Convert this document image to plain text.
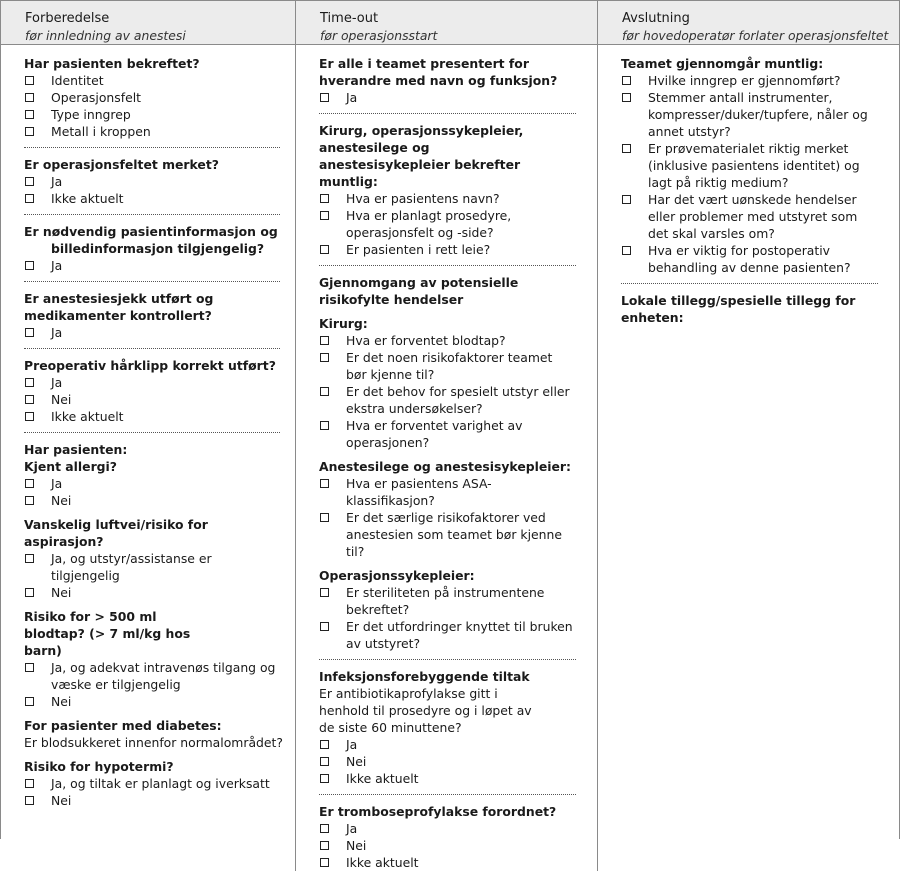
Forberedelse
før innledning av anestesi
Time-out
før operasjonsstart
Avslutning
før hovedoperatør forlater operasjonsfeltet
Har pasienten bekreftet?
Identitet
Operasjonsfelt
Type inngrep
Metall i kroppen
Er operasjonsfeltet merket?
Ja
Ikke aktuelt
Er nødvendig pasientinformasjon og billedinformasjon tilgjengelig?
Ja
Er anestesiesjekk utført og medikamenter kontrollert?
Ja
Preoperativ hårklipp korrekt utført?
Ja
Nei
Ikke aktuelt
Har pasienten:
Kjent allergi?
Ja
Nei
Vanskelig luftvei/risiko for aspirasjon?
Ja, og utstyr/assistanse er tilgjengelig
Nei
Risiko for > 500 ml blodtap? (> 7 ml/kg hos barn)
Ja, og adekvat intravenøs tilgang og væske er tilgjengelig
Nei
For pasienter med diabetes:
Er blodsukkeret innenfor normalområdet?
Risiko for hypotermi?
Ja, og tiltak er planlagt og iverksatt
Nei
Er alle i teamet presentert for hverandre med navn og funksjon?
Ja
Kirurg, operasjonssykepleier, anestesilege og anestesisykepleier bekrefter muntlig:
Hva er pasientens navn?
Hva er planlagt prosedyre, operasjonsfelt og -side?
Er pasienten i rett leie?
Gjennomgang av potensielle risikofylte hendelser
Kirurg:
Hva er forventet blodtap?
Er det noen risikofaktorer teamet bør kjenne til?
Er det behov for spesielt utstyr eller ekstra undersøkelser?
Hva er forventet varighet av operasjonen?
Anestesilege og anestesisykepleier:
Hva er pasientens ASA-klassifikasjon?
Er det særlige risikofaktorer ved anestesien som teamet bør kjenne til?
Operasjonssykepleier:
Er steriliteten på instrumentene bekreftet?
Er det utfordringer knyttet til bruken av utstyret?
Infeksjonsforebyggende tiltak
Er antibiotikaprofylakse gitt i henhold til prosedyre og i løpet av de siste 60 minuttene?
Ja
Nei
Ikke aktuelt
Er tromboseprofylakse forordnet?
Ja
Nei
Ikke aktuelt
Teamet gjennomgår muntlig:
Hvilke inngrep er gjennomført?
Stemmer antall instrumenter, kompresser/duker/tupfere, nåler og annet utstyr?
Er prøvematerialet riktig merket (inklusive pasientens identitet) og lagt på riktig medium?
Har det vært uønskede hendelser eller problemer med utstyret som det skal varsles om?
Hva er viktig for postoperativ behandling av denne pasienten?
Lokale tillegg/spesielle tillegg for enheten:
